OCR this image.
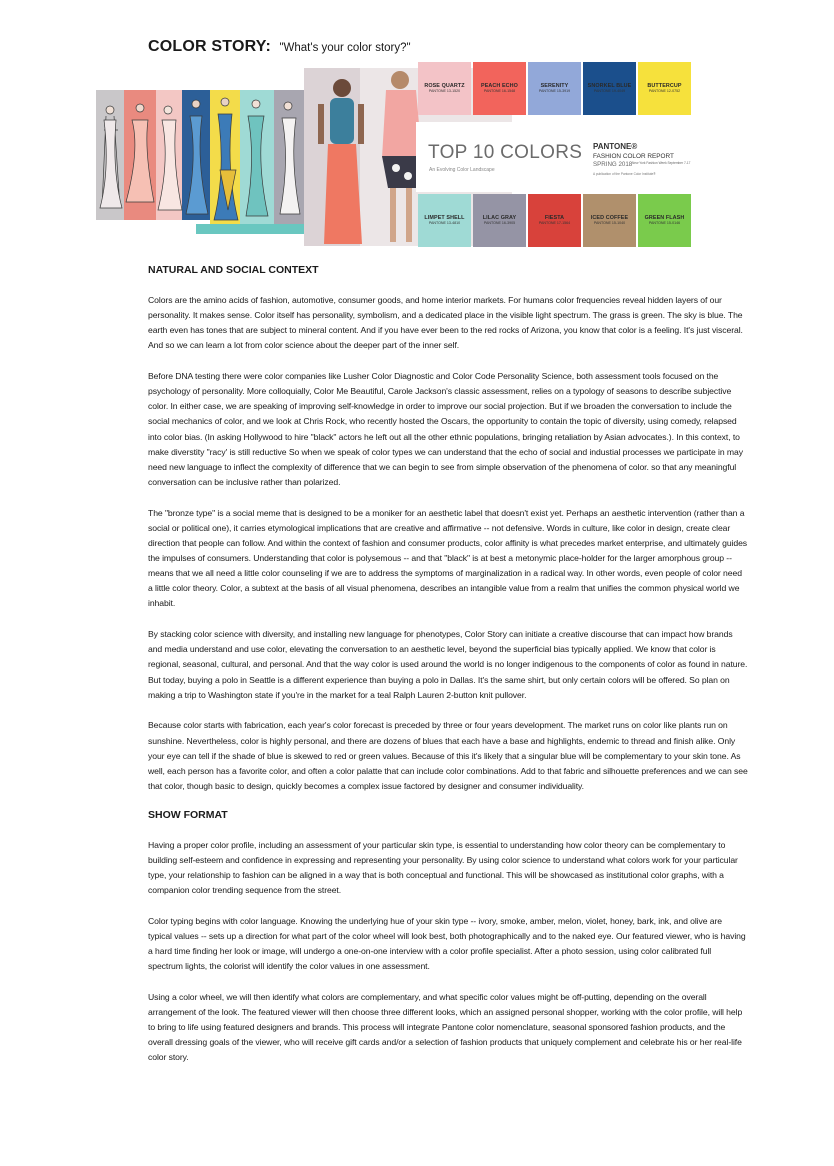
COLOR STORY: "What's your color story?"
ROSE QUARTZ
PANTONE 13-1520
PEACH ECHO
PANTONE 16-1548
SERENITY
PANTONE 15-3919
SNORKEL BLUE
PANTONE 19-4049
BUTTERCUP
PANTONE 12-0752
TOP 10 COLORS
An Evolving Color Landscape
PANTONE®
FASHION COLOR REPORT
SPRING 2018 New York Fashion Week September 7-17
A publication of the Pantone Color Institute®
LIMPET SHELL
PANTONE 13-4810
LILAC GRAY
PANTONE 16-3905
FIESTA
PANTONE 17-1564
ICED COFFEE
PANTONE 15-1040
GREEN FLASH
PANTONE 15-0146
NATURAL AND SOCIAL CONTEXT

Colors are the amino acids of fashion, automotive, consumer goods, and home interior markets. For humans color frequencies reveal hidden layers of our personality. It makes sense. Color itself has personality, symbolism, and a dedicated place in the visible light spectrum. The grass is green. The sky is blue. The earth even has tones that are subject to mineral content. And if you have ever been to the red rocks of Arizona, you know that color is a feeling. It's just visceral. And so we can learn a lot from color science about the deeper part of the inner self.

Before DNA testing there were color companies like Lusher Color Diagnostic and Color Code Personality Science, both assessment tools focused on the psychology of personality. More colloquially, Color Me Beautiful, Carole Jackson's classic assessment, relies on a typology of seasons to describe subjective color. In either case, we are speaking of improving self-knowledge in order to improve our social projection. But if we broaden the conversation to include the social mechanics of color, and we look at Chris Rock, who recently hosted the Oscars, the opportunity to contain the topic of diversity, using comedy, relapsed into color bias. (In asking Hollywood to hire "black" actors he left out all the other ethnic populations, bringing retaliation by Asian advocates.). In this context, to make diverstity "racy' is still reductive So when we speak of color types we can understand that the echo of social and industial processes we participate in may need new language to inflect the complexity of difference that we can begin to see from simple observation of the phenomena of color. so that any meaningful conversation can be inclusive rather than polarized.

The "bronze type" is a social meme that is designed to be a moniker for an aesthetic label that doesn't exist yet. Perhaps an aesthetic intervention (rather than a social or political one), it carries etymological implications that are creative and affirmative -- not defensive. Words in culture, like color in design, create clear direction that people can follow. And within the context of fashion and consumer products, color affinity is what precedes market enterprise, and ultimately guides the impulses of consumers. Understanding that color is polysemous -- and that "black" is at best a metonymic place-holder for the larger amorphous group -- means that we all need a little color counseling if we are to address the symptoms of marginalization in a radical way. In other words, even people of color need a little color theory. Color, a subtext at the basis of all visual phenomena, describes an intangible value from a realm that unifies the common physical world we inhabit.

By stacking color science with diversity, and installing new language for phenotypes, Color Story can initiate a creative discourse that can impact how brands and media understand and use color, elevating the conversation to an aesthetic level, beyond the superficial bias typically applied. We know that color is regional, seasonal, cultural, and personal. And that the way color is used around the world is no longer indigenous to the components of color as found in nature. But today, buying a polo in Seattle is a different experience than buying a polo in Dallas. It's the same shirt, but only certain colors will be offered. So plan on making a trip to Washington state if you're in the market for a teal Ralph Lauren 2-button knit pullover.

Because color starts with fabrication, each year's color forecast is preceded by three or four years development. The market runs on color like plants run on sunshine. Nevertheless, color is highly personal, and there are dozens of blues that each have a base and highlights, endemic to thread and finish alike. Only your eye can tell if the shade of blue is skewed to red or green values. Because of this it's likely that a singular blue will be complementary to your skin tone. As well, each person has a favorite color, and often a color palatte that can include color combinations. Add to that fabric and silhouette preferences and we can see that color, though basic to design, quickly becomes a complex issue factored by designer and consumer individuality.

SHOW FORMAT

Having a proper color profile, including an assessment of your particular skin type, is essential to understanding how color theory can be complementary to building self-esteem and confidence in expressing and representing your personality. By using color science to understand what colors work for your particular type, your relationship to fashion can be aligned in a way that is both conceptual and functional. This will be showcased as institutional color graphs, with a companion color trending sequence from the street.

Color typing begins with color language. Knowing the underlying hue of your skin type -- ivory, smoke, amber, melon, violet, honey, bark, ink, and olive are typical values -- sets up a direction for what part of the color wheel will look best, both photographically and to the naked eye. Our featured viewer, who is having a hard time finding her look or image, will undergo a one-on-one interview with a color profile specialist. After a photo session, using color calibrated full spectrum lights, the colorist will identify the color values in one assessment.

Using a color wheel, we will then identify what colors are complementary, and what specific color values might be off-putting, depending on the overall arrangement of the look. The featured viewer will then choose three different looks, which an assigned personal shopper, working with the color profile, will help to bring to life using featured designers and brands. This process will integrate Pantone color nomenclature, seasonal sponsored fashion products, and the overall dressing goals of the viewer, who will receive gift cards and/or a selection of fashion products that uniquely complement and celebrate his or her real-life color story.
